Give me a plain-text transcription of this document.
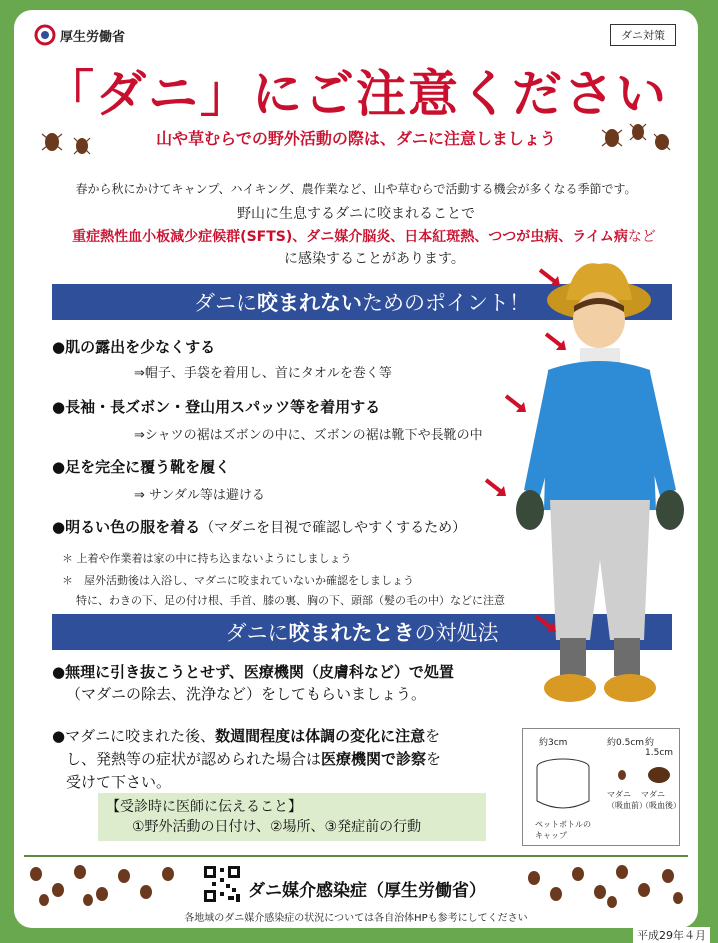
厚生労働省	ダニ対策
「ダニ」にご注意ください
山や草むらでの野外活動の際は、ダニに注意しましょう
春から秋にかけてキャンプ、ハイキング、農作業など、山や草むらで活動する機会が多くなる季節です。
野山に生息するダニに咬まれることで
重症熱性血小板減少症候群(SFTS)、ダニ媒介脳炎、日本紅斑熱、つつが虫病、ライム病など
に感染することがあります。
ダニに 咬まれない ためのポイント！
●肌の露出を少なくする
⇒帽子、手袋を着用し、首にタオルを巻く等
●長袖・長ズボン・登山用スパッツ等を着用する
⇒シャツの裾はズボンの中に、ズボンの裾は靴下や長靴の中
●足を完全に覆う靴を履く
⇒ サンダル等は避ける
●明るい色の服を着る（マダニを目視で確認しやすくするため）
＊ 上着や作業着は家の中に持ち込まないようにしましょう
＊　屋外活動後は入浴し、マダニに咬まれていないか確認をしましょう
特に、わきの下、足の付け根、手首、膝の裏、胸の下、頭部（髪の毛の中）などに注意
ダニに 咬まれたとき の対処法
●無理に引き抜こうとせず、医療機関（皮膚科など）で処置
（マダニの除去、洗浄など）をしてもらいましょう。
●マダニに咬まれた後、数週間程度は体調の変化に注意を
し、発熱等の症状が認められた場合は医療機関で診察を
受けて下さい。
【受診時に医師に伝えること】
①野外活動の日付け、②場所、③発症前の行動
約3cm	約0.5cm 約1.5cm
ペットボトルの
キャップ
マダニ
（吸血前）
マダニ
（吸血後）
ダニ媒介感染症（厚生労働省）
各地域のダニ媒介感染症の状況については各自治体HPも参考にしてください
平成29年４月
